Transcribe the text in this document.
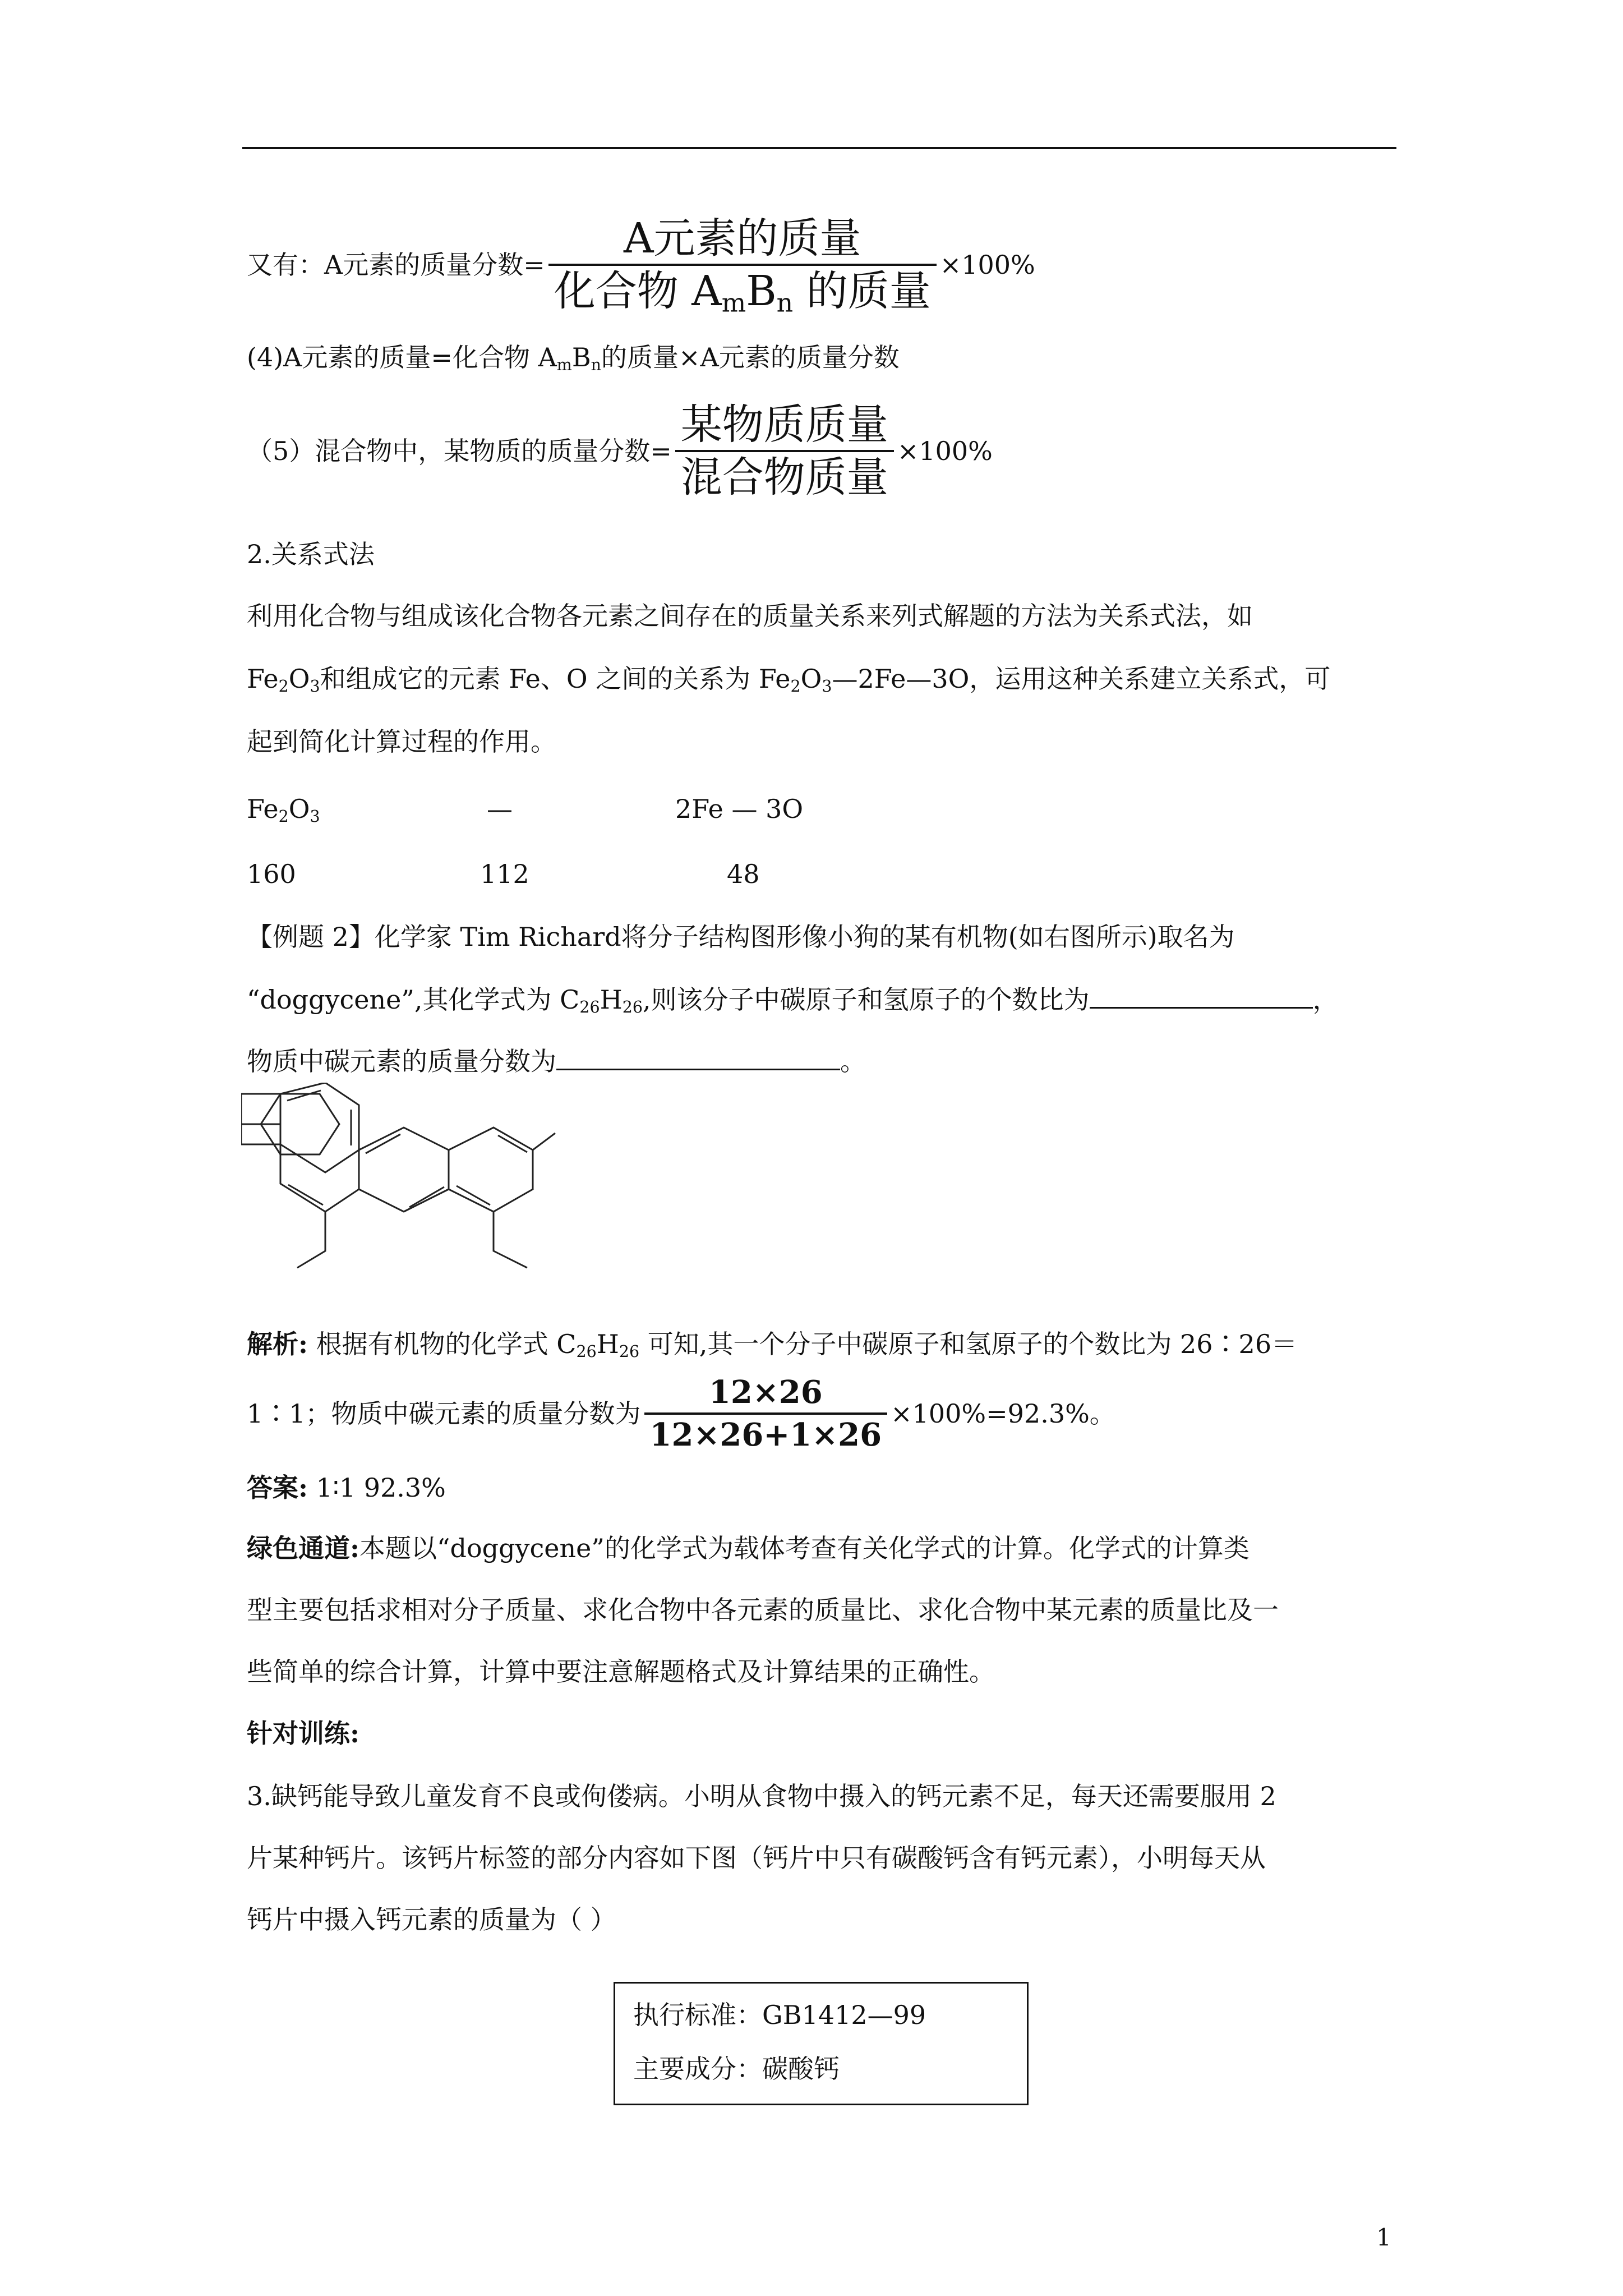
又有：A元素的质量分数= $\frac{\text{A元素的质量}}{化合物 A_mB_n 的质量} \times 100\%$
(4)A元素的质量=化合物 $A_mB_n$的质量×A元素的质量分数
（5）混合物中，某物质的质量分数= $\frac{\text{某物质质量}}{\text{混合物质量}} \times 100\%$
2.关系式法
利用化合物与组成该化合物各元素之间存在的质量关系来列式解题的方法为关系式法，如
$Fe_2O_3$和组成它的元素 Fe、O 之间的关系为 $Fe_2O_3—2Fe—3O$，运用这种关系建立关系式，可
起到简化计算过程的作用。
$Fe_2O_3$	—	2Fe — 3O
160	112	48
【例题 2】化学家 Tim Richard将分子结构图形像小狗的某有机物(如右图所示)取名为
“doggycene”,其化学式为 $C_{26}H_{26}$,则该分子中碳原子和氢原子的个数比为	，
物质中碳元素的质量分数为	。
解析: 根据有机物的化学式 $C_{26}H_{26}$ 可知,其一个分子中碳原子和氢原子的个数比为 26∶26＝
1∶1；物质中碳元素的质量分数为 $\frac{12\times 26}{12\times 26+1\times 26} \times 100\%=92.3\%$。
答案: 1∶1 92.3%
绿色通道:本题以“doggycene”的化学式为载体考查有关化学式的计算。化学式的计算类
型主要包括求相对分子质量、求化合物中各元素的质量比、求化合物中某元素的质量比及一
些简单的综合计算，计算中要注意解题格式及计算结果的正确性。
针对训练:
3.缺钙能导致儿童发育不良或佝偻病。小明从食物中摄入的钙元素不足，每天还需要服用 2
片某种钙片。该钙片标签的部分内容如下图（钙片中只有碳酸钙含有钙元素），小明每天从
钙片中摄入钙元素的质量为（ ）
执行标准：GB1412—99
主要成分：碳酸钙
1
